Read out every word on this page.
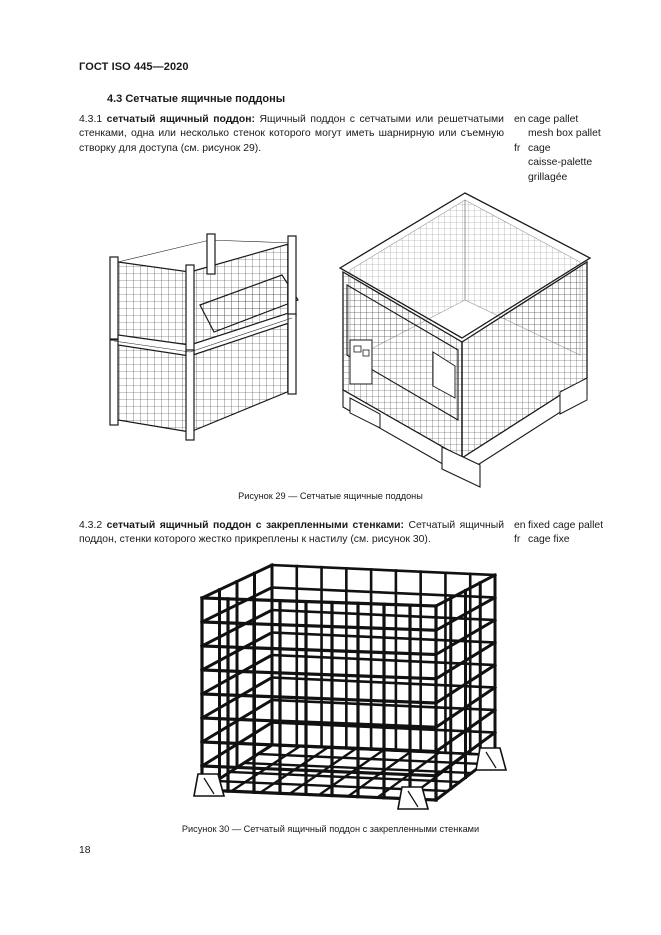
ГОСТ ISO 445—2020
4.3 Сетчатые ящичные поддоны
4.3.1 сетчатый ящичный поддон: Ящичный поддон с сетчатыми или решетчатыми стенками, одна или несколько стенок которого могут иметь шарнирную или съемную створку для доступа (см. рисунок 29).
en cage pallet
mesh box pallet
fr cage
caisse-palette
grillagée
Рисунок 29 — Сетчатые ящичные поддоны
4.3.2 сетчатый ящичный поддон с закрепленными стенками: Сетчатый ящичный поддон, стенки которого жестко прикреплены к настилу (см. рисунок 30).
en fixed cage pallet
fr cage fixe
Рисунок 30 — Сетчатый ящичный поддон с закрепленными стенками
18
